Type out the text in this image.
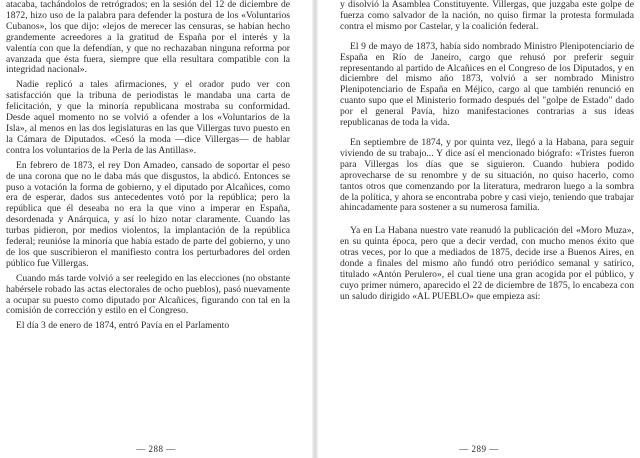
atacaba, tachándolos de retrógrados; en la sesión del 12 de diciembre de 1872, hizo uso de la palabra para defender la postura de los «Voluntarios Cubanos», los que dijo: «lejos de merecer las censuras, se habían hecho grandemente acreedores a la gratitud de España por el interés y la valentía con que la defendían, y que no rechazaban ninguna reforma por avanzada que ésta fuera, siempre que ella resultara compatible con la integridad nacional».

Nadie replicó a tales afirmaciones, y el orador pudo ver con satisfacción que la tribuna de periodistas le mandaba una carta de felicitación, y que la minoría republicana mostraba su conformidad. Desde aquel momento no se volvió a ofender a los «Voluntarios de la Isla», al menos en las dos legislaturas en las que Villergas tuvo puesto en la Cámara de Diputados. «Cesó la moda —dice Villergas— de hablar contra los voluntarios de la Perla de las Antillas».

En febrero de 1873, el rey Don Amadeo, cansado de soportar el peso de una corona que no le daba más que disgustos, la abdicó. Entonces se puso a votación la forma de gobierno, y el diputado por Alcañices, como era de esperar, dados sus antecedentes votó por la república; pero la república que él deseaba no era la que vino a imperar en España, desordenada y Anárquica, y así lo hizo notar claramente. Cuando las turbas pidieron, por medios violentos, la implantación de la república federal; reunióse la minoría que había estado de parte del gobierno, y uno de los que suscribieron el manifiesto contra los perturbadores del orden público fue Villergas.

Cuando más tarde volvió a ser reelegido en las elecciones (no obstante habérsele robado las actas electorales de ocho pueblos), pasó nuevamente a ocupar su puesto como diputado por Alcañices, figurando con tal en la comisión de corrección y estilo en el Congreso.

El día 3 de enero de 1874, entró Pavía en el Parlamento

— 288 —

y disolvió la Asamblea Constituyente. Villergas, que juzgaba este golpe de fuerza como salvador de la nación, no quiso firmar la protesta formulada contra el mismo por Castelar, y la coalición federal.

El 9 de mayo de 1873, había sido nombrado Ministro Plenipotenciario de España en Río de Janeiro, cargo que rehusó por preferir seguir representando al partido de Alcañices en el Congreso de los Diputados, y en diciembre del mismo año 1873, volvió a ser nombrado Ministro Plenipotenciario de España en Méjico, cargo al que también renunció en cuanto supo que el Ministerio formado después del "golpe de Estado" dado por el general Pavía, hizo manifestaciones contrarias a sus ideas republicanas de toda la vida.

En septiembre de 1874, y por quinta vez, llegó a la Habana, para seguir viviendo de su trabajo... Y dice así el mencionado biógrafo: «Tristes fueron para Villergas los días que se siguieron. Cuando hubiera podido aprovecharse de su renombre y de su situación, no quiso hacerlo, como tantos otros que comenzando por la literatura, medraron luego a la sombra de la política, y ahora se encontraba pobre y casi viejo, teniendo que trabajar ahincadamente para sostener a su numerosa familia.

Ya en La Habana nuestro vate reanudó la publicación del «Moro Muza», en su quinta época, pero que a decir verdad, con mucho menos éxito que otras veces, por lo que a mediados de 1875, decide irse a Buenos Aires, en donde a finales del mismo año fundó otro periódico semanal y satírico, titulado «Antón Perulero», el cual tiene una gran acogida por el público, y cuyo primer número, aparecido el 22 de diciembre de 1875, lo encabeza con un saludo dirigido «AL PUEBLO» que empieza así:

— 289 —
